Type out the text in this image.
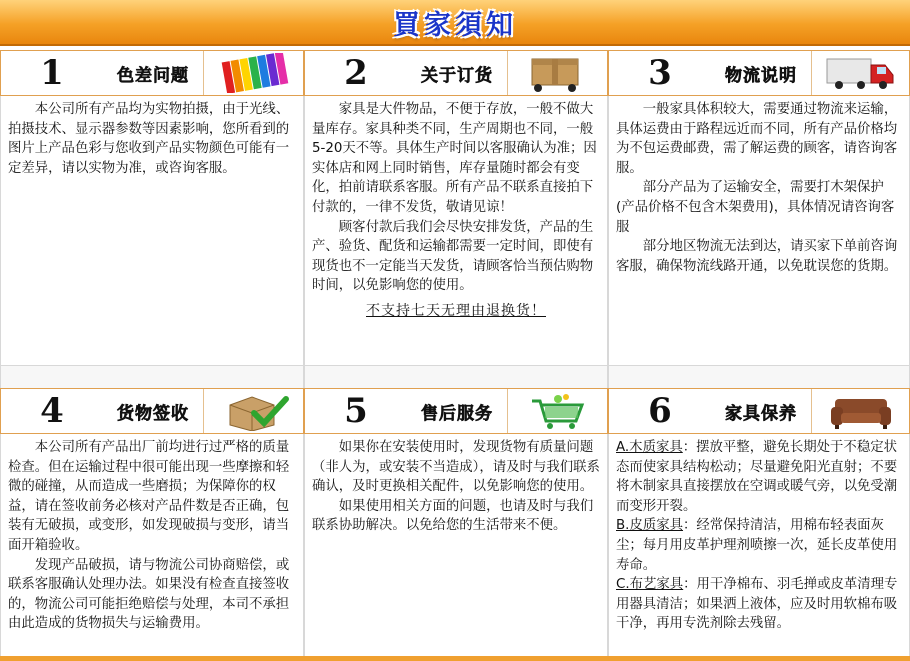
買家須知
1	色差问题	2	关于订货	3	物流说明

本公司所有产品均为实物拍摄，由于光线、拍摄技术、显示器参数等因素影响，您所看到的图片上产品色彩与您收到产品实物颜色可能有一定差异，请以实物为准，或咨询客服。

家具是大件物品，不便于存放，一般不做大量库存。家具种类不同，生产周期也不同，一般5-20天不等。具体生产时间以客服确认为准；因实体店和网上同时销售，库存量随时都会有变化，拍前请联系客服。所有产品不联系直接拍下付款的，一律不发货，敬请见谅！

顾客付款后我们会尽快安排发货，产品的生产、验货、配货和运输都需要一定时间，即使有现货也不一定能当天发货，请顾客恰当预估购物时间，以免影响您的使用。

不支持七天无理由退换货！

一般家具体积较大，需要通过物流来运输，具体运费由于路程远近而不同，所有产品价格均为不包运费邮费，需了解运费的顾客，请咨询客服。

部分产品为了运输安全，需要打木架保护(产品价格不包含木架费用)，具体情况请咨询客服

部分地区物流无法到达，请买家下单前咨询客服，确保物流线路开通，以免耽误您的货期。

4	货物签收	5	售后服务	6	家具保养

本公司所有产品出厂前均进行过严格的质量检查。但在运输过程中很可能出现一些摩擦和轻微的碰撞，从而造成一些磨损；为保障你的权益，请在签收前务必核对产品件数是否正确，包装有无破损，或变形，如发现破损与变形，请当面开箱验收。

发现产品破损，请与物流公司协商赔偿，或联系客服确认处理办法。如果没有检查直接签收的，物流公司可能拒绝赔偿与处理，本司不承担由此造成的货物损失与运输费用。

如果你在安装使用时，发现货物有质量问题（非人为，或安装不当造成），请及时与我们联系确认，及时更换相关配件，以免影响您的使用。

如果使用相关方面的问题，也请及时与我们联系协助解决。以免给您的生活带来不便。

A.木质家具：摆放平整，避免长期处于不稳定状态而使家具结构松动；尽量避免阳光直射；不要将木制家具直接摆放在空调或暖气旁，以免受潮而变形开裂。

B.皮质家具：经常保持清洁，用棉布轻表面灰尘；每月用皮革护理剂喷擦一次，延长皮革使用寿命。

C.布艺家具：用干净棉布、羽毛掸或皮革清理专用器具清洁；如果洒上液体，应及时用软棉布吸干净，再用专洗剂除去残留。
